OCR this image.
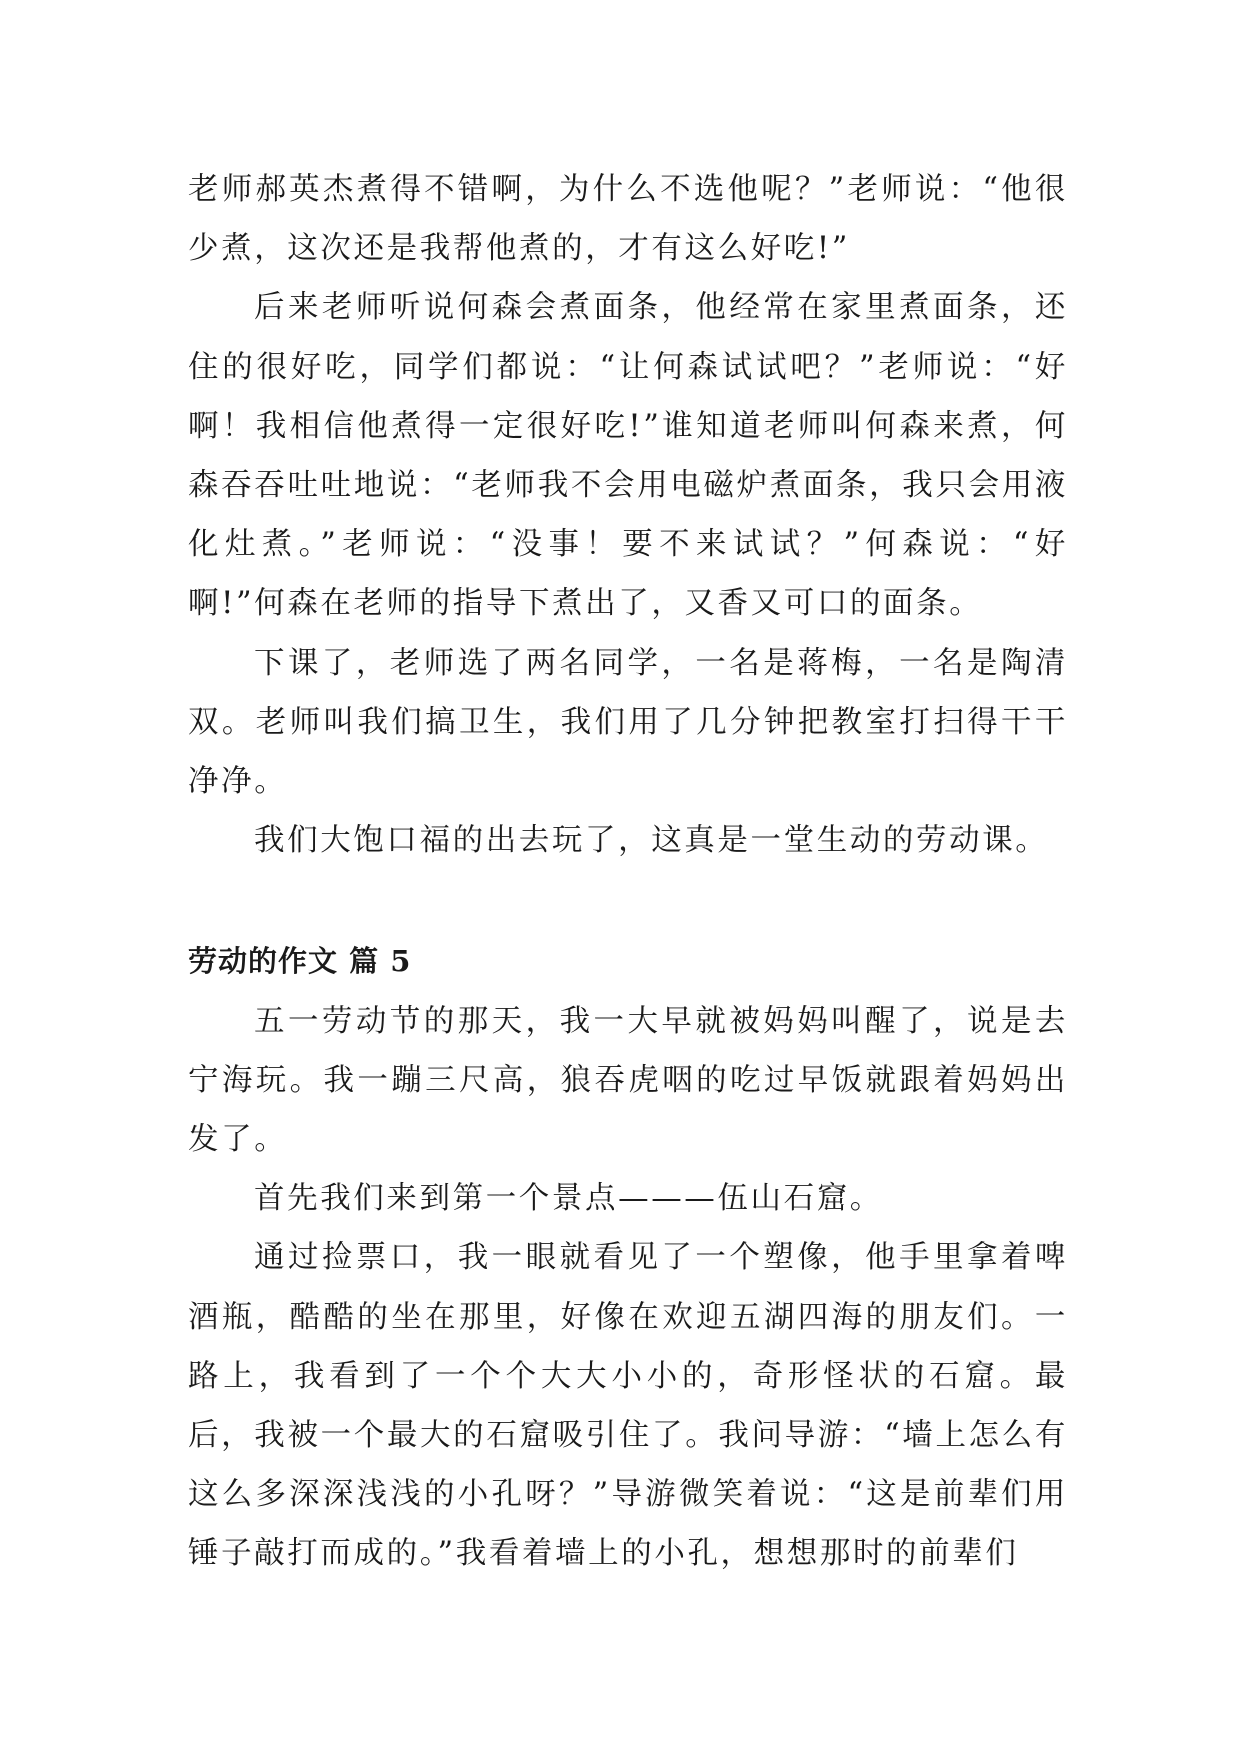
老师郝英杰煮得不错啊，为什么不选他呢？”老师说：“他很少煮，这次还是我帮他煮的，才有这么好吃!”

后来老师听说何森会煮面条，他经常在家里煮面条，还住的很好吃，同学们都说：“让何森试试吧？”老师说：“好啊！我相信他煮得一定很好吃!”谁知道老师叫何森来煮，何森吞吞吐吐地说：“老师我不会用电磁炉煮面条，我只会用液化灶煮。”老师说：“没事！要不来试试？”何森说：“好啊!”何森在老师的指导下煮出了，又香又可口的面条。

下课了，老师选了两名同学，一名是蒋梅，一名是陶清双。老师叫我们搞卫生，我们用了几分钟把教室打扫得干干净净。

我们大饱口福的出去玩了，这真是一堂生动的劳动课。

劳动的作文 篇 5

五一劳动节的那天，我一大早就被妈妈叫醒了，说是去宁海玩。我一蹦三尺高，狼吞虎咽的吃过早饭就跟着妈妈出发了。

首先我们来到第一个景点———伍山石窟。

通过捡票口，我一眼就看见了一个塑像，他手里拿着啤酒瓶，酷酷的坐在那里，好像在欢迎五湖四海的朋友们。一路上，我看到了一个个大大小小的，奇形怪状的石窟。最后，我被一个最大的石窟吸引住了。我问导游：“墙上怎么有这么多深深浅浅的小孔呀？”导游微笑着说：“这是前辈们用锤子敲打而成的。”我看着墙上的小孔，想想那时的前辈们
